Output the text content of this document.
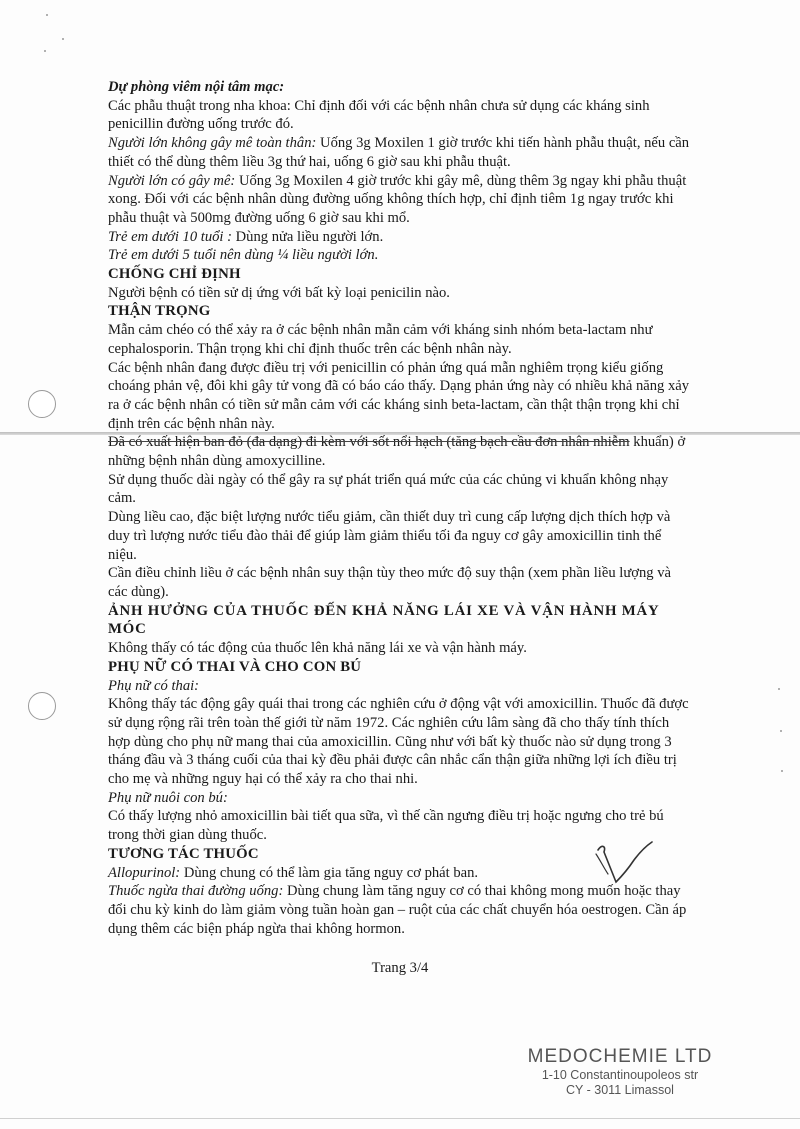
Dự phòng viêm nội tâm mạc:

Các phẫu thuật trong nha khoa: Chỉ định đối với các bệnh nhân chưa sử dụng các kháng sinh penicillin đường uống trước đó.

Người lớn không gây mê toàn thân: Uống 3g Moxilen 1 giờ trước khi tiến hành phẫu thuật, nếu cần thiết có thể dùng thêm liều 3g thứ hai, uống 6 giờ sau khi phẫu thuật.

Người lớn có gây mê: Uống 3g Moxilen 4 giờ trước khi gây mê, dùng thêm 3g ngay khi phẫu thuật xong. Đối với các bệnh nhân dùng đường uống không thích hợp, chỉ định tiêm 1g ngay trước khi phẫu thuật và 500mg đường uống 6 giờ sau khi mổ.

Trẻ em dưới 10 tuổi : Dùng nửa liều người lớn.

Trẻ em dưới 5 tuổi nên dùng ¼ liều người lớn.

CHỐNG CHỈ ĐỊNH

Người bệnh có tiền sử dị ứng với bất kỳ loại penicilin nào.

THẬN TRỌNG

Mẫn cảm chéo có thể xảy ra ở các bệnh nhân mẫn cảm với kháng sinh nhóm beta-lactam như cephalosporin. Thận trọng khi chỉ định thuốc trên các bệnh nhân này.

Các bệnh nhân đang được điều trị với penicillin có phản ứng quá mẫn nghiêm trọng kiểu giống choáng phản vệ, đôi khi gây tử vong đã có báo cáo thấy. Dạng phản ứng này có nhiều khả năng xảy ra ở các bệnh nhân có tiền sử mẫn cảm với các kháng sinh beta-lactam, cần thật thận trọng khi chỉ định trên các bệnh nhân này.

Đã có xuất hiện ban đỏ (đa dạng) đi kèm với sốt nổi hạch (tăng bạch cầu đơn nhân nhiễm khuẩn) ở những bệnh nhân dùng amoxycilline.

Sử dụng thuốc dài ngày có thể gây ra sự phát triển quá mức của các chủng vi khuẩn không nhạy cảm.

Dùng liều cao, đặc biệt lượng nước tiểu giảm, cần thiết duy trì cung cấp lượng dịch thích hợp và duy trì lượng nước tiểu đào thải để giúp làm giảm thiểu tối đa nguy cơ gây amoxicillin tinh thể niệu.

Cần điều chỉnh liều ở các bệnh nhân suy thận tùy theo mức độ suy thận (xem phần liều lượng và các dùng).

ẢNH HƯỞNG CỦA THUỐC ĐẾN KHẢ NĂNG LÁI XE VÀ VẬN HÀNH MÁY MÓC

Không thấy có tác động của thuốc lên khả năng lái xe và vận hành máy.

PHỤ NỮ CÓ THAI VÀ CHO CON BÚ

Phụ nữ có thai:

Không thấy tác động gây quái thai trong các nghiên cứu ở động vật với amoxicillin. Thuốc đã được sử dụng rộng rãi trên toàn thế giới từ năm 1972. Các nghiên cứu lâm sàng đã cho thấy tính thích hợp dùng cho phụ nữ mang thai của amoxicillin. Cũng như với bất kỳ thuốc nào sử dụng trong 3 tháng đầu và 3 tháng cuối của thai kỳ đều phải được cân nhắc cẩn thận giữa những lợi ích điều trị cho mẹ và những nguy hại có thể xảy ra cho thai nhi.

Phụ nữ nuôi con bú:

Có thấy lượng nhỏ amoxicillin bài tiết qua sữa, vì thế cần ngưng điều trị hoặc ngưng cho trẻ bú trong thời gian dùng thuốc.

TƯƠNG TÁC THUỐC

Allopurinol: Dùng chung có thể làm gia tăng nguy cơ phát ban.

Thuốc ngừa thai đường uống: Dùng chung làm tăng nguy cơ có thai không mong muốn hoặc thay đổi chu kỳ kinh do làm giảm vòng tuần hoàn gan – ruột của các chất chuyển hóa oestrogen. Cần áp dụng thêm các biện pháp ngừa thai không hormon.

Trang 3/4
MEDOCHEMIE LTD
1-10 Constantinoupoleos str
CY - 3011 Limassol
